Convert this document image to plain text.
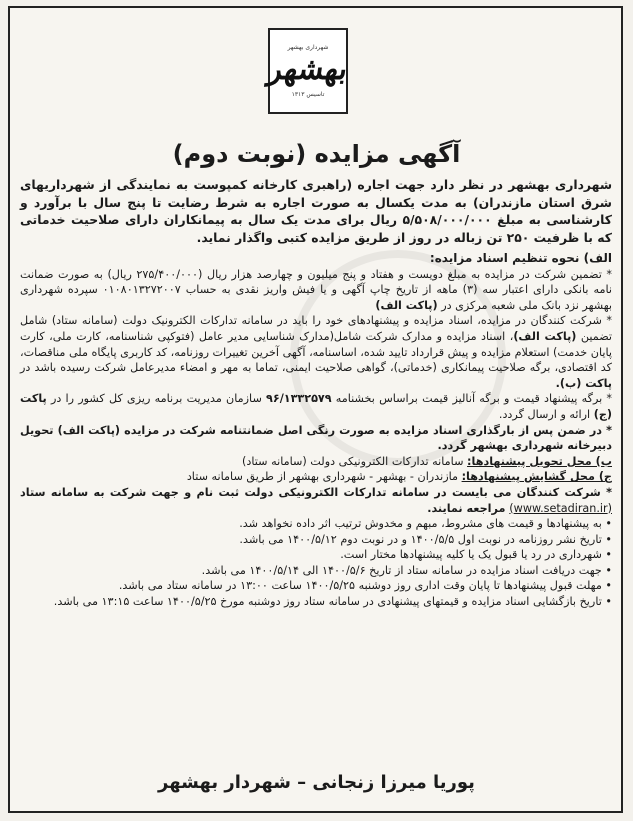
شهرداری بهشهر
بهشهر
تاسیس ۱۳۱۳
آگهی مزایده (نوبت دوم)

شهرداری بهشهر در نظر دارد جهت اجاره (راهبری کارخانه کمپوست به نمایندگی از شهرداریهای شرق استان مازندران) به مدت یکسال به صورت اجاره به شرط رضایت تا پنج سال با برآورد و کارشناسی به مبلغ ۵/۵۰۸/۰۰۰/۰۰۰ ریال برای مدت یک سال به پیمانکاران دارای صلاحیت خدماتی که با ظرفیت ۲۵۰ تن زباله در روز از طریق مزایده کتبی واگذار نماید.

الف) نحوه تنظیم اسناد مزایده:

* تضمین شرکت در مزایده به مبلغ دویست و هفتاد و پنج میلیون و چهارصد هزار ریال (۲۷۵/۴۰۰/۰۰۰ ریال) به صورت ضمانت نامه بانکی دارای اعتبار سه (۳) ماهه از تاریخ چاپ آگهی و یا فیش واریز نقدی به حساب ۰۱۰۸۰۱۳۲۷۲۰۰۷ سپرده شهرداری بهشهر نزد بانک ملی شعبه مرکزی در (پاکت الف)

* شرکت کنندگان در مزایده، اسناد مزایده و پیشنهادهای خود را باید در سامانه تدارکات الکترونیک دولت (سامانه ستاد) شامل تضمین (پاکت الف)، اسناد مزایده و مدارک شرکت شامل(مدارک شناسایی مدیر عامل (فتوکپی شناسنامه، کارت ملی، کارت پایان خدمت) استعلام مزایده و پیش قرارداد تایید شده، اساسنامه، آگهی آخرین تغییرات روزنامه، کد کاربری پایگاه ملی مناقصات، کد اقتصادی، برگه صلاحیت پیمانکاری (خدماتی)، گواهی صلاحیت ایمنی، تماما به مهر و امضاء مدیرعامل شرکت رسیده باشد در پاکت (ب).

* برگه پیشنهاد قیمت و برگه آنالیز قیمت براساس بخشنامه ۹۶/۱۳۳۲۵۷۹ سازمان مدیریت برنامه ریزی کل کشور را در پاکت (ج) ارائه و ارسال گردد.

* در ضمن پس از بارگذاری اسناد مزایده به صورت رنگی اصل ضمانتنامه شرکت در مزایده (پاکت الف) تحویل دبیرخانه شهرداری بهشهر گردد.

ب) محل تحویل پیشنهادها: سامانه تدارکات الکترونیکی دولت (سامانه ستاد)

ج) محل گشایش پیشنهادها: مازندران - بهشهر - شهرداری بهشهر از طریق سامانه ستاد

* شرکت کنندگان می بایست در سامانه تدارکات الکترونیکی دولت ثبت نام و جهت شرکت به سامانه ستاد (www.setadiran.ir) مراجعه نمایند.

• به پیشنهادها و قیمت های مشروط، مبهم و مخدوش ترتیب اثر داده نخواهد شد.

• تاریخ نشر روزنامه در نوبت اول ۱۴۰۰/۵/۵ و در نوبت دوم ۱۴۰۰/۵/۱۲ می باشد.

• شهرداری در رد یا قبول یک یا کلیه پیشنهادها مختار است.

• جهت دریافت اسناد مزایده در سامانه ستاد از تاریخ ۱۴۰۰/۵/۶ الی ۱۴۰۰/۵/۱۴ می باشد.

• مهلت قبول پیشنهادها تا پایان وقت اداری روز دوشنبه ۱۴۰۰/۵/۲۵ ساعت ۱۳:۰۰ در سامانه ستاد می باشد.

• تاریخ بازگشایی اسناد مزایده و قیمتهای پیشنهادی در سامانه ستاد روز دوشنبه مورخ ۱۴۰۰/۵/۲۵ ساعت ۱۳:۱۵ می باشد.

پوریا میرزا زنجانی – شهردار بهشهر
